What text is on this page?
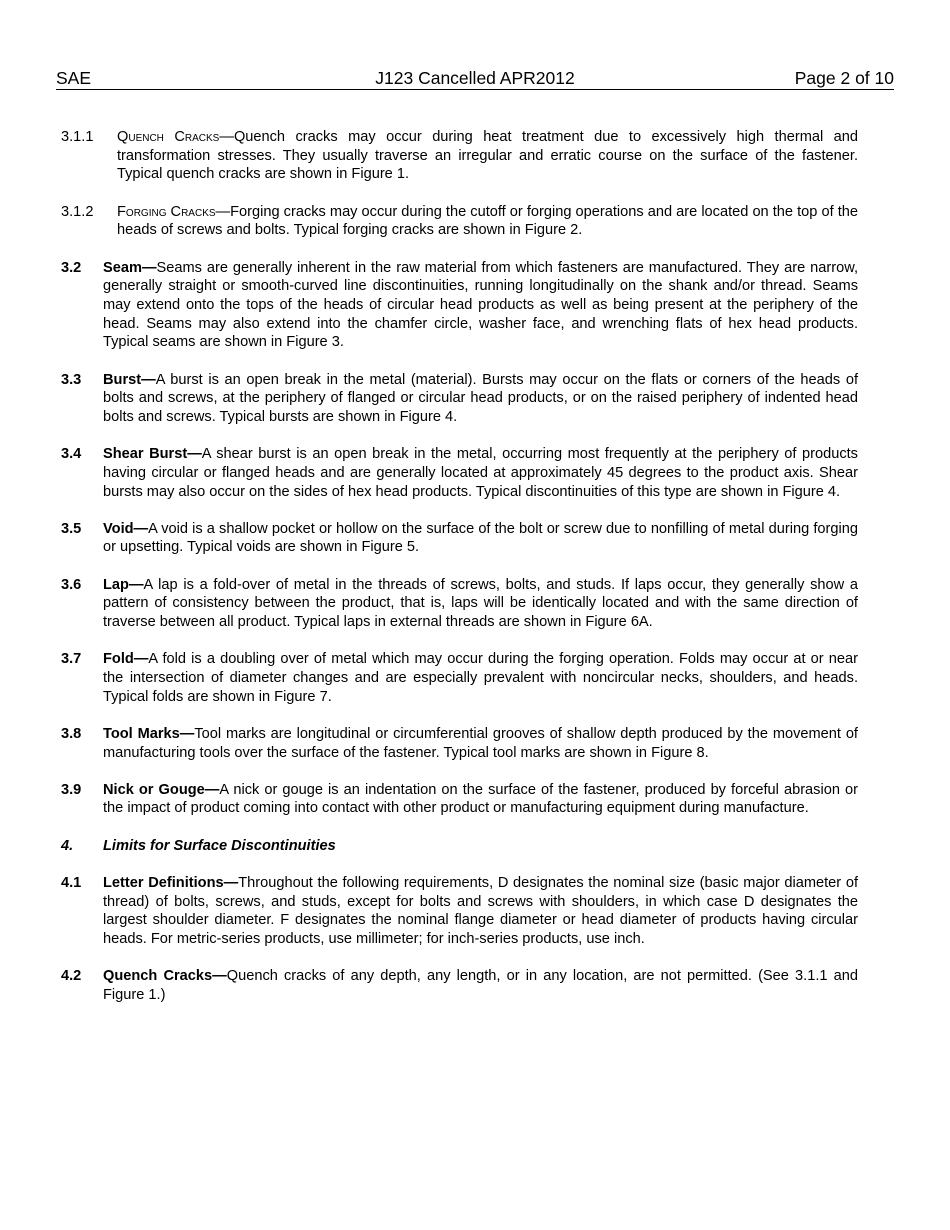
J123 Cancelled APR2012
SAE	Page 2 of 10
3.1.1	Quench Cracks—Quench cracks may occur during heat treatment due to excessively high thermal and transformation stresses. They usually traverse an irregular and erratic course on the surface of the fastener. Typical quench cracks are shown in Figure 1.
3.1.2	Forging Cracks—Forging cracks may occur during the cutoff or forging operations and are located on the top of the heads of screws and bolts. Typical forging cracks are shown in Figure 2.
3.2	Seam—Seams are generally inherent in the raw material from which fasteners are manufactured. They are narrow, generally straight or smooth-curved line discontinuities, running longitudinally on the shank and/or thread. Seams may extend onto the tops of the heads of circular head products as well as being present at the periphery of the head. Seams may also extend into the chamfer circle, washer face, and wrenching flats of hex head products. Typical seams are shown in Figure 3.
3.3	Burst—A burst is an open break in the metal (material). Bursts may occur on the flats or corners of the heads of bolts and screws, at the periphery of flanged or circular head products, or on the raised periphery of indented head bolts and screws. Typical bursts are shown in Figure 4.
3.4	Shear Burst—A shear burst is an open break in the metal, occurring most frequently at the periphery of products having circular or flanged heads and are generally located at approximately 45 degrees to the product axis. Shear bursts may also occur on the sides of hex head products. Typical discontinuities of this type are shown in Figure 4.
3.5	Void—A void is a shallow pocket or hollow on the surface of the bolt or screw due to nonfilling of metal during forging or upsetting. Typical voids are shown in Figure 5.
3.6	Lap—A lap is a fold-over of metal in the threads of screws, bolts, and studs. If laps occur, they generally show a pattern of consistency between the product, that is, laps will be identically located and with the same direction of traverse between all product. Typical laps in external threads are shown in Figure 6A.
3.7	Fold—A fold is a doubling over of metal which may occur during the forging operation. Folds may occur at or near the intersection of diameter changes and are especially prevalent with noncircular necks, shoulders, and heads. Typical folds are shown in Figure 7.
3.8	Tool Marks—Tool marks are longitudinal or circumferential grooves of shallow depth produced by the movement of manufacturing tools over the surface of the fastener. Typical tool marks are shown in Figure 8.
3.9	Nick or Gouge—A nick or gouge is an indentation on the surface of the fastener, produced by forceful abrasion or the impact of product coming into contact with other product or manufacturing equipment during manufacture.
4.	Limits for Surface Discontinuities
4.1	Letter Definitions—Throughout the following requirements, D designates the nominal size (basic major diameter of thread) of bolts, screws, and studs, except for bolts and screws with shoulders, in which case D designates the largest shoulder diameter. F designates the nominal flange diameter or head diameter of products having circular heads. For metric-series products, use millimeter; for inch-series products, use inch.
4.2	Quench Cracks—Quench cracks of any depth, any length, or in any location, are not permitted. (See 3.1.1 and Figure 1.)
